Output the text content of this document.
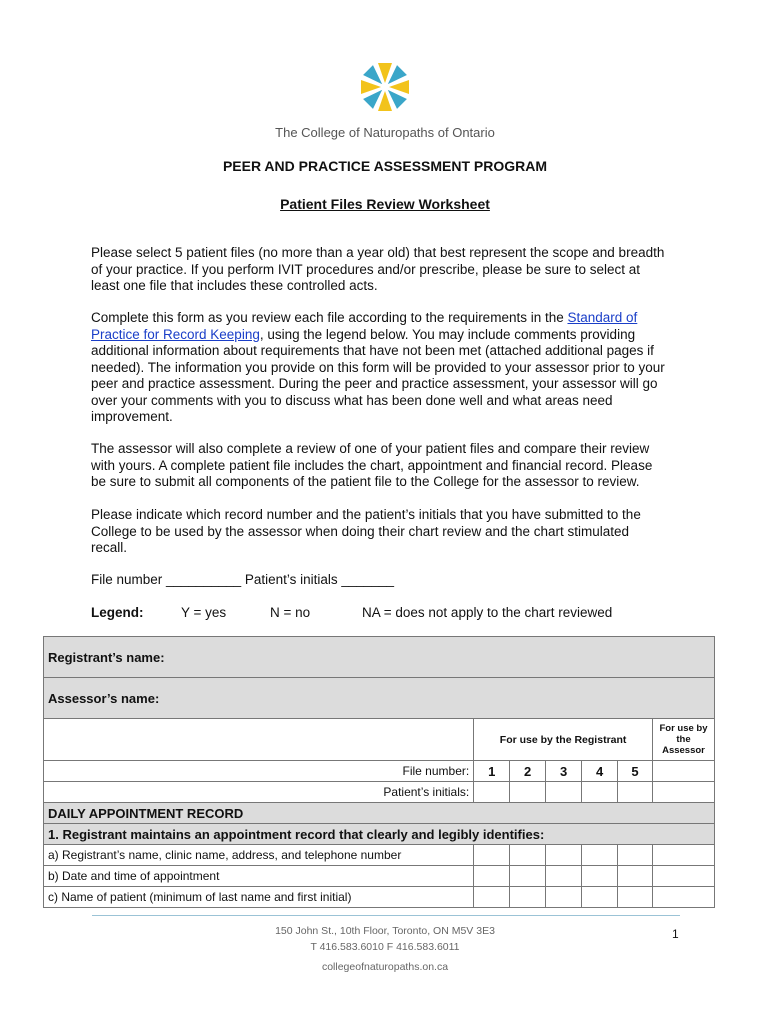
The College of Naturopaths of Ontario
PEER AND PRACTICE ASSESSMENT PROGRAM
Patient Files Review Worksheet
Please select 5 patient files (no more than a year old) that best represent the scope and breadth of your practice. If you perform IVIT procedures and/or prescribe, please be sure to select at least one file that includes these controlled acts.
Complete this form as you review each file according to the requirements in the Standard of Practice for Record Keeping, using the legend below. You may include comments providing additional information about requirements that have not been met (attached additional pages if needed). The information you provide on this form will be provided to your assessor prior to your peer and practice assessment. During the peer and practice assessment, your assessor will go over your comments with you to discuss what has been done well and what areas need improvement.
The assessor will also complete a review of one of your patient files and compare their review with yours. A complete patient file includes the chart, appointment and financial record. Please be sure to submit all components of the patient file to the College for the assessor to review.
Please indicate which record number and the patient’s initials that you have submitted to the College to be used by the assessor when doing their chart review and the chart stimulated recall.
File number __________ Patient’s initials _______
Legend:	Y = yes	N = no	NA = does not apply to the chart reviewed
Registrant’s name:						
Assessor’s name:						
	For use by the Registrant					For use by the Assessor
File number:	1	2	3	4	5	
Patient’s initials:						
DAILY APPOINTMENT RECORD						
1. Registrant maintains an appointment record that clearly and legibly identifies:						
a) Registrant’s name, clinic name, address, and telephone number						
b) Date and time of appointment						
c) Name of patient (minimum of last name and first initial)						
150 John St., 10th Floor, Toronto, ON M5V 3E3
T 416.583.6010 F 416.583.6011
collegeofnaturopaths.on.ca
1
